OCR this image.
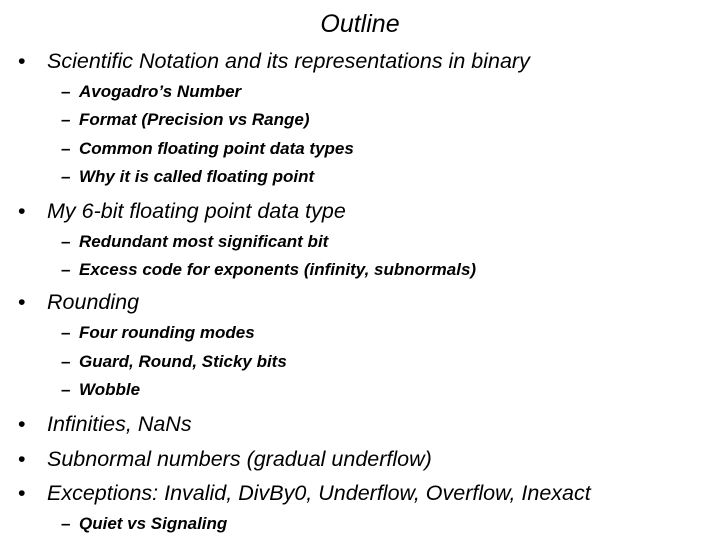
Outline
• Scientific Notation and its representations in binary
– Avogadro’s Number
– Format (Precision vs Range)
– Common floating point data types
– Why it is called floating point
• My 6-bit floating point data type
– Redundant most significant bit
– Excess code for exponents (infinity, subnormals)
• Rounding
– Four rounding modes
– Guard, Round, Sticky bits
– Wobble
• Infinities, NaNs
• Subnormal numbers (gradual underflow)
• Exceptions: Invalid, DivBy0, Underflow, Overflow, Inexact
– Quiet vs Signaling
